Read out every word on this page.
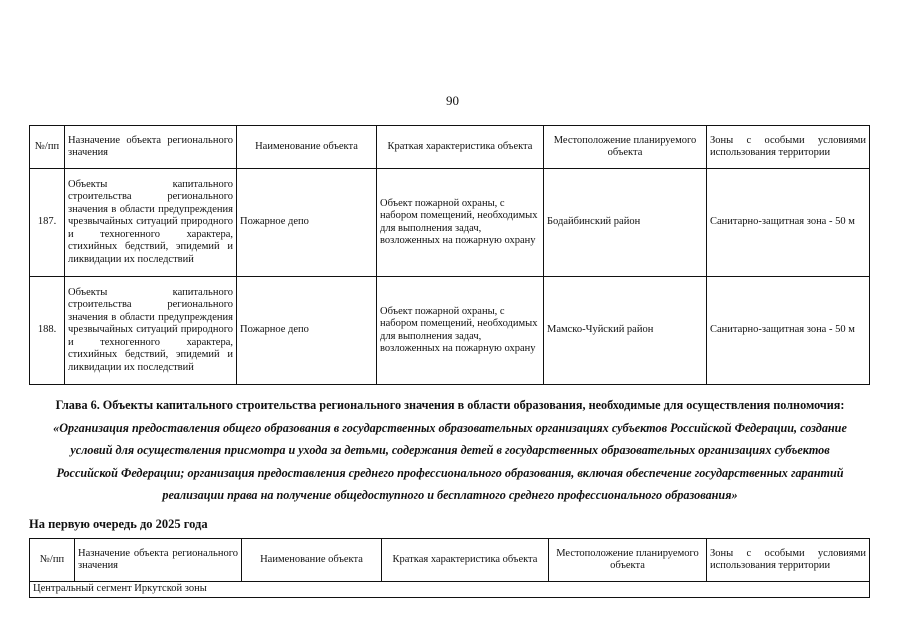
90
№/пп	Назначение объекта регионального значения	Наименование объекта	Краткая характеристика объекта	Местоположение планируемого объекта	Зоны с особыми условиями использования территории
187.	Объекты капитального строительства регионального значения в области предупреждения чрезвычайных ситуаций природного и техногенного характера, стихийных бедствий, эпидемий и ликвидации их последствий	Пожарное депо	Объект пожарной охраны, с набором помещений, необходимых для выполнения задач, возложенных на пожарную охрану	Бодайбинский район	Санитарно-защитная зона - 50 м
188.	Объекты капитального строительства регионального значения в области предупреждения чрезвычайных ситуаций природного и техногенного характера, стихийных бедствий, эпидемий и ликвидации их последствий	Пожарное депо	Объект пожарной охраны, с набором помещений, необходимых для выполнения задач, возложенных на пожарную охрану	Мамско-Чуйский район	Санитарно-защитная зона - 50 м
Глава 6. Объекты капитального строительства регионального значения в области образования, необходимые для осуществления полномочия: «Организация предоставления общего образования в государственных образовательных организациях субъектов Российской Федерации, создание условий для осуществления присмотра и ухода за детьми, содержания детей в государственных образовательных организациях субъектов Российской Федерации; организация предоставления среднего профессионального образования, включая обеспечение государственных гарантий реализации права на получение общедоступного и бесплатного среднего профессионального образования»
На первую очередь до 2025 года
№/пп	Назначение объекта регионального значения	Наименование объекта	Краткая характеристика объекта	Местоположение планируемого объекта	Зоны с особыми условиями использования территории
Центральный сегмент Иркутской зоны
